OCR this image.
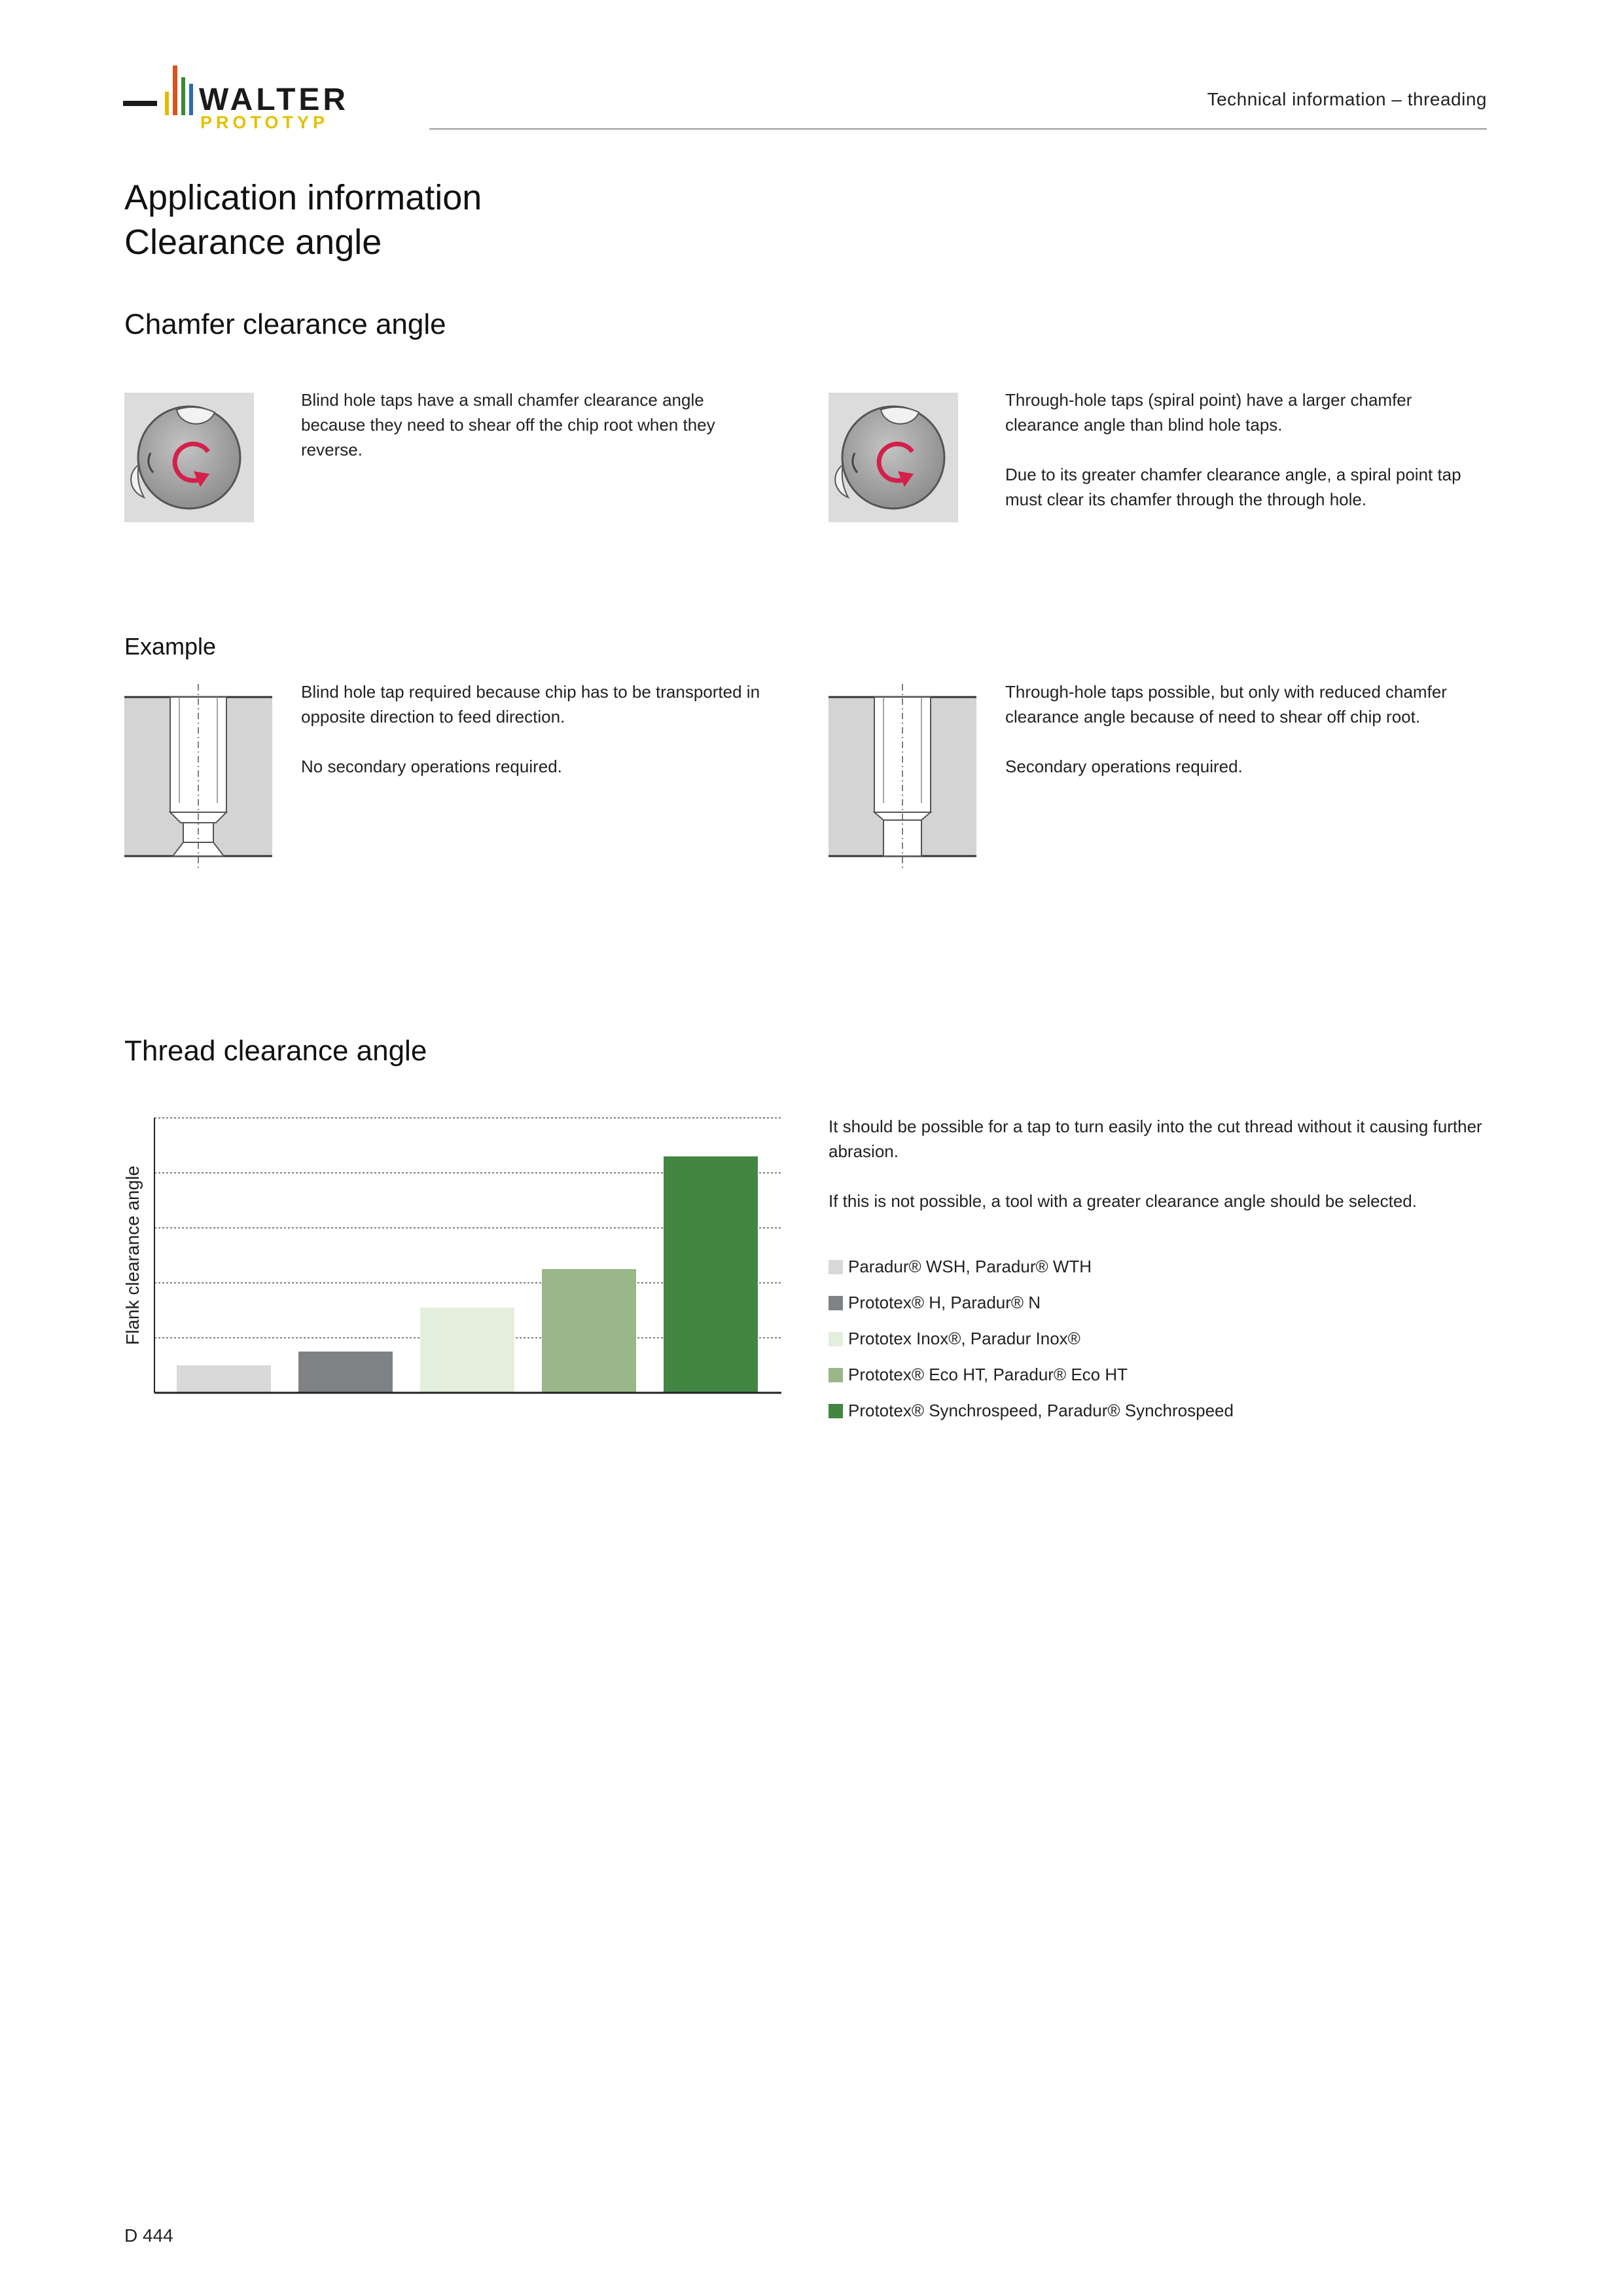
WALTER
PROTOTYP
Technical information – threading
Application information
Clearance angle
Chamfer clearance angle

Blind hole taps have a small chamfer clearance angle because they need to shear off the chip root when they reverse.

Through-hole taps (spiral point) have a larger chamfer clearance angle than blind hole taps.

Due to its greater chamfer clearance angle, a spiral point tap must clear its chamfer through the through hole.

Example

Blind hole tap required because chip has to be transported in opposite direction to feed direction.

No secondary operations required.

Through-hole taps possible, but only with reduced chamfer clearance angle because of need to shear off chip root.

Secondary operations required.

Thread clearance angle
Flank clearance angle

It should be possible for a tap to turn easily into the cut thread without it causing further abrasion.

If this is not possible, a tool with a greater clearance angle should be selected.

Paradur® WSH, Paradur® WTH
Prototex® H, Paradur® N
Prototex Inox®, Paradur Inox®
Prototex® Eco HT, Paradur® Eco HT
Prototex® Synchrospeed, Paradur® Synchrospeed
D 444
